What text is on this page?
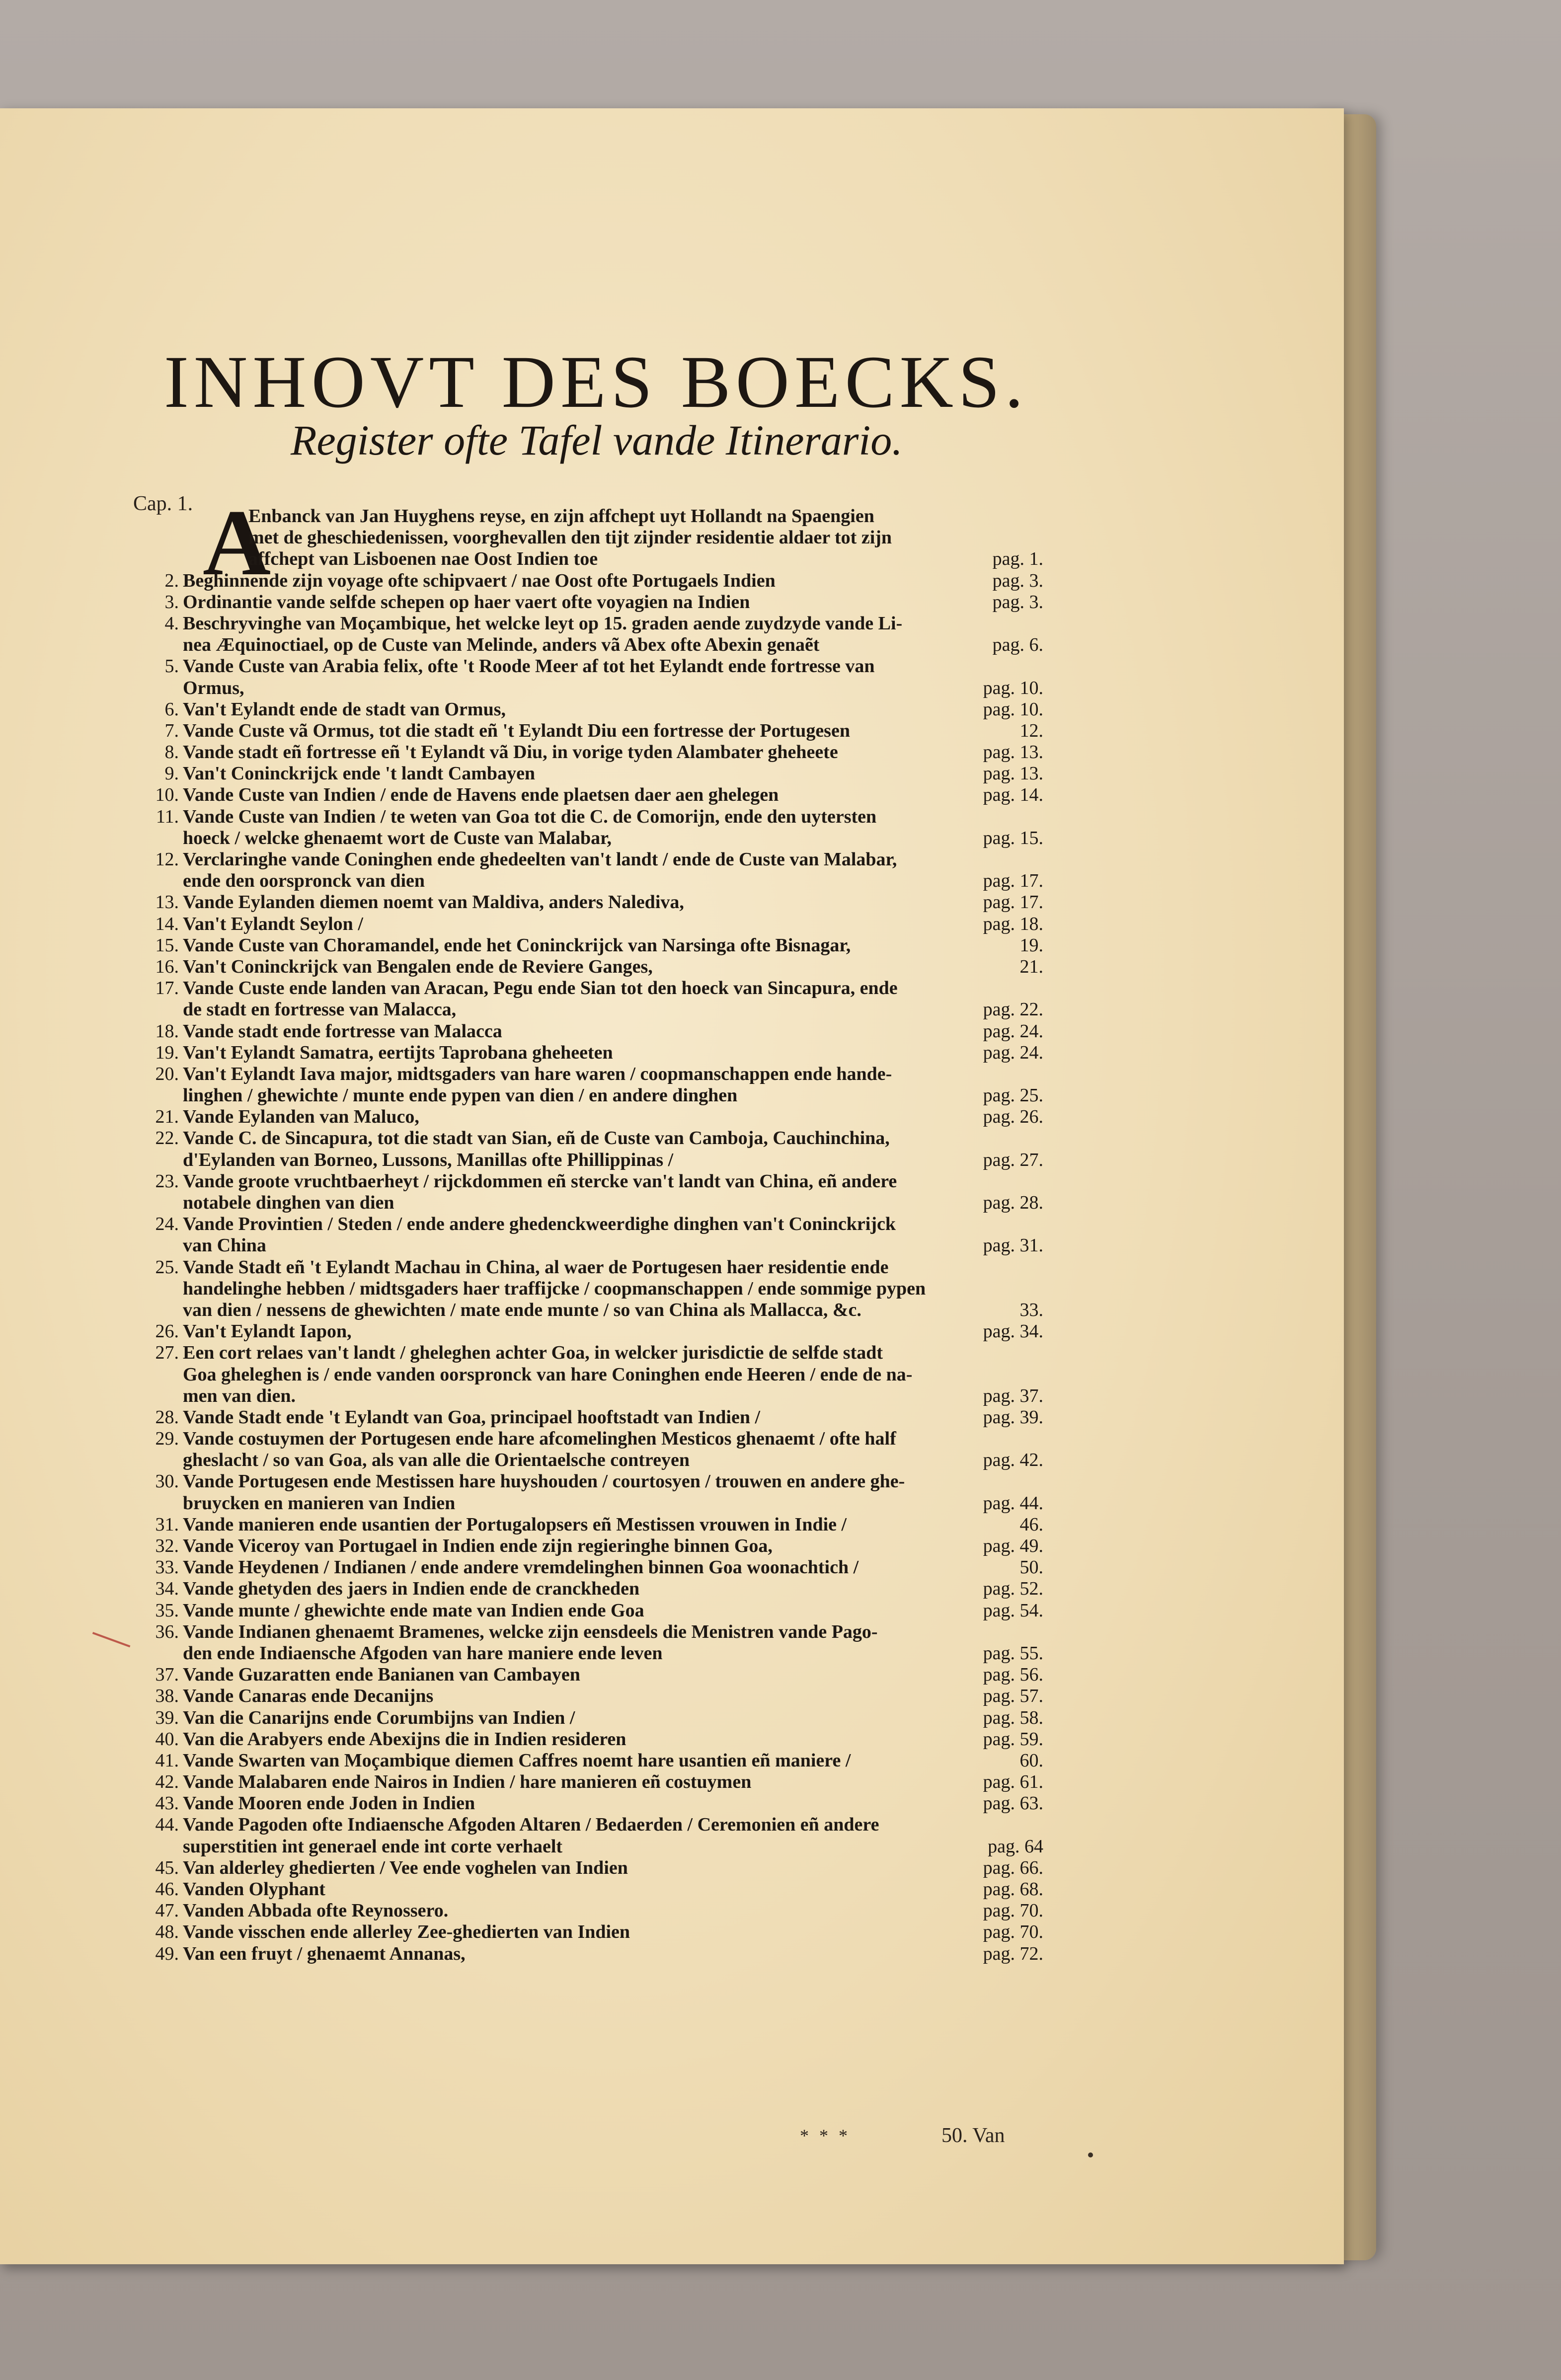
INHOVT DES BOECKS.
Register ofte Tafel vande Itinerario.
Cap. 1. A
Enbanck van Jan Huyghens reyse, en zijn affchept uyt Hollandt na Spaengien
met de gheschiedenissen, voorghevallen den tijt zijnder residentie aldaer tot zijn
affchept van Lisboenen nae Oost Indien toe	pag. 1.
2. Beghinnende zijn voyage ofte schipvaert / nae Oost ofte Portugaels Indien	pag. 3.
3. Ordinantie vande selfde schepen op haer vaert ofte voyagien na Indien	pag. 3.
4. Beschryvinghe van Moçambique, het welcke leyt op 15. graden aende zuydzyde vande Li-
nea Æquinoctiael, op de Custe van Melinde, anders vã Abex ofte Abexin genaẽt	pag. 6.
5. Vande Custe van Arabia felix, ofte 't Roode Meer af tot het Eylandt ende fortresse van
Ormus,	pag. 10.
6. Van't Eylandt ende de stadt van Ormus,	pag. 10.
7. Vande Custe vã Ormus, tot die stadt eñ 't Eylandt Diu een fortresse der Portugesen	12.
8. Vande stadt eñ fortresse eñ 't Eylandt vã Diu, in vorige tyden Alambater gheheete	pag. 13.
9. Van't Coninckrijck ende 't landt Cambayen	pag. 13.
10. Vande Custe van Indien / ende de Havens ende plaetsen daer aen ghelegen	pag. 14.
11. Vande Custe van Indien / te weten van Goa tot die C. de Comorijn, ende den uytersten
hoeck / welcke ghenaemt wort de Custe van Malabar,	pag. 15.
12. Verclaringhe vande Coninghen ende ghedeelten van't landt / ende de Custe van Malabar,
ende den oorspronck van dien	pag. 17.
13. Vande Eylanden diemen noemt van Maldiva, anders Nalediva,	pag. 17.
14. Van't Eylandt Seylon /	pag. 18.
15. Vande Custe van Choramandel, ende het Coninckrijck van Narsinga ofte Bisnagar,	19.
16. Van't Coninckrijck van Bengalen ende de Reviere Ganges,	21.
17. Vande Custe ende landen van Aracan, Pegu ende Sian tot den hoeck van Sincapura, ende
de stadt en fortresse van Malacca,	pag. 22.
18. Vande stadt ende fortresse van Malacca	pag. 24.
19. Van't Eylandt Samatra, eertijts Taprobana gheheeten	pag. 24.
20. Van't Eylandt Iava major, midtsgaders van hare waren / coopmanschappen ende hande-
linghen / ghewichte / munte ende pypen van dien / en andere dinghen	pag. 25.
21. Vande Eylanden van Maluco,	pag. 26.
22. Vande C. de Sincapura, tot die stadt van Sian, eñ de Custe van Camboja, Cauchinchina,
d'Eylanden van Borneo, Lussons, Manillas ofte Phillippinas /	pag. 27.
23. Vande groote vruchtbaerheyt / rijckdommen eñ stercke van't landt van China, eñ andere
notabele dinghen van dien	pag. 28.
24. Vande Provintien / Steden / ende andere ghedenckweerdighe dinghen van't Coninckrijck
van China	pag. 31.
25. Vande Stadt eñ 't Eylandt Machau in China, al waer de Portugesen haer residentie ende
handelinghe hebben / midtsgaders haer traffijcke / coopmanschappen / ende sommige pypen
van dien / nessens de ghewichten / mate ende munte / so van China als Mallacca, &c.	33.
26. Van't Eylandt Iapon,	pag. 34.
27. Een cort relaes van't landt / gheleghen achter Goa, in welcker jurisdictie de selfde stadt
Goa gheleghen is / ende vanden oorspronck van hare Coninghen ende Heeren / ende de na-
men van dien.	pag. 37.
28. Vande Stadt ende 't Eylandt van Goa, principael hooftstadt van Indien /	pag. 39.
29. Vande costuymen der Portugesen ende hare afcomelinghen Mesticos ghenaemt / ofte half
gheslacht / so van Goa, als van alle die Orientaelsche contreyen	pag. 42.
30. Vande Portugesen ende Mestissen hare huyshouden / courtosyen / trouwen en andere ghe-
bruycken en manieren van Indien	pag. 44.
31. Vande manieren ende usantien der Portugalopsers eñ Mestissen vrouwen in Indie /	46.
32. Vande Viceroy van Portugael in Indien ende zijn regieringhe binnen Goa,	pag. 49.
33. Vande Heydenen / Indianen / ende andere vremdelinghen binnen Goa woonachtich /	50.
34. Vande ghetyden des jaers in Indien ende de cranckheden	pag. 52.
35. Vande munte / ghewichte ende mate van Indien ende Goa	pag. 54.
36. Vande Indianen ghenaemt Bramenes, welcke zijn eensdeels die Menistren vande Pago-
den ende Indiaensche Afgoden van hare maniere ende leven	pag. 55.
37. Vande Guzaratten ende Banianen van Cambayen	pag. 56.
38. Vande Canaras ende Decanijns	pag. 57.
39. Van die Canarijns ende Corumbijns van Indien /	pag. 58.
40. Van die Arabyers ende Abexijns die in Indien resideren	pag. 59.
41. Vande Swarten van Moçambique diemen Caffres noemt hare usantien eñ maniere /	60.
42. Vande Malabaren ende Nairos in Indien / hare manieren eñ costuymen	pag. 61.
43. Vande Mooren ende Joden in Indien	pag. 63.
44. Vande Pagoden ofte Indiaensche Afgoden Altaren / Bedaerden / Ceremonien eñ andere
superstitien int generael ende int corte verhaelt	pag. 64
45. Van alderley ghedierten / Vee ende voghelen van Indien	pag. 66.
46. Vanden Olyphant	pag. 68.
47. Vanden Abbada ofte Reynossero.	pag. 70.
48. Vande visschen ende allerley Zee-ghedierten van Indien	pag. 70.
49. Van een fruyt / ghenaemt Annanas,	pag. 72.
* * *	50. Van
